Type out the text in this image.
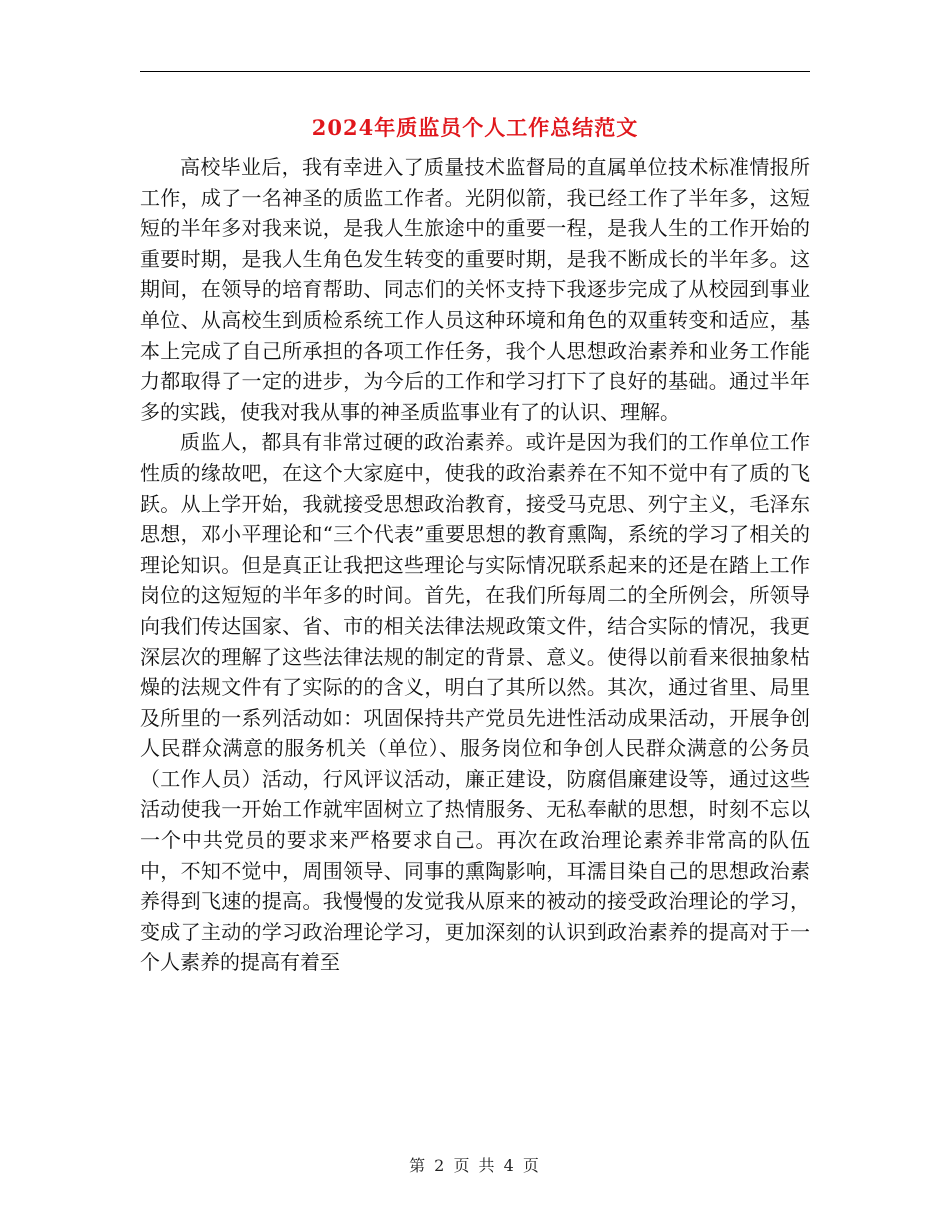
2024年质监员个人工作总结范文

高校毕业后，我有幸进入了质量技术监督局的直属单位技术标准情报所工作，成了一名神圣的质监工作者。光阴似箭，我已经工作了半年多，这短短的半年多对我来说，是我人生旅途中的重要一程，是我人生的工作开始的重要时期，是我人生角色发生转变的重要时期，是我不断成长的半年多。这期间，在领导的培育帮助、同志们的关怀支持下我逐步完成了从校园到事业单位、从高校生到质检系统工作人员这种环境和角色的双重转变和适应，基本上完成了自己所承担的各项工作任务，我个人思想政治素养和业务工作能力都取得了一定的进步，为今后的工作和学习打下了良好的基础。通过半年多的实践，使我对我从事的神圣质监事业有了的认识、理解。

质监人，都具有非常过硬的政治素养。或许是因为我们的工作单位工作性质的缘故吧，在这个大家庭中，使我的政治素养在不知不觉中有了质的飞跃。从上学开始，我就接受思想政治教育，接受马克思、列宁主义，毛泽东思想，邓小平理论和“三个代表”重要思想的教育熏陶，系统的学习了相关的理论知识。但是真正让我把这些理论与实际情况联系起来的还是在踏上工作岗位的这短短的半年多的时间。首先，在我们所每周二的全所例会，所领导向我们传达国家、省、市的相关法律法规政策文件，结合实际的情况，我更深层次的理解了这些法律法规的制定的背景、意义。使得以前看来很抽象枯燥的法规文件有了实际的的含义，明白了其所以然。其次，通过省里、局里及所里的一系列活动如：巩固保持共产党员先进性活动成果活动，开展争创人民群众满意的服务机关（单位）、服务岗位和争创人民群众满意的公务员（工作人员）活动，行风评议活动，廉正建设，防腐倡廉建设等，通过这些活动使我一开始工作就牢固树立了热情服务、无私奉献的思想，时刻不忘以一个中共党员的要求来严格要求自己。再次在政治理论素养非常高的队伍中，不知不觉中，周围领导、同事的熏陶影响，耳濡目染自己的思想政治素养得到飞速的提高。我慢慢的发觉我从原来的被动的接受政治理论的学习，变成了主动的学习政治理论学习，更加深刻的认识到政治素养的提高对于一个人素养的提高有着至

第 2 页 共 4 页
